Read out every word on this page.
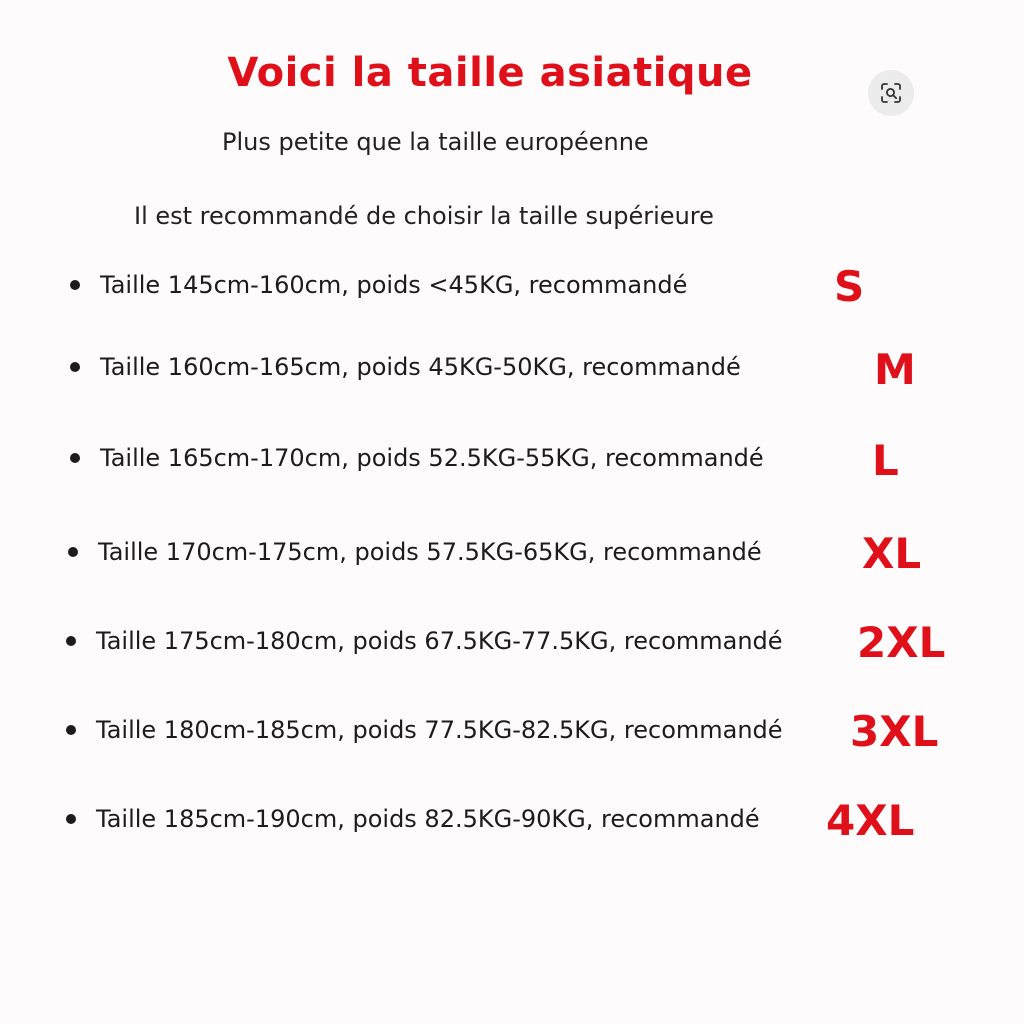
Voici la taille asiatique
Plus petite que la taille européenne
Il est recommandé de choisir la taille supérieure
Taille 145cm-160cm, poids <45KG, recommandé	S
Taille 160cm-165cm, poids 45KG-50KG, recommandé	M
Taille 165cm-170cm, poids 52.5KG-55KG, recommandé	L
Taille 170cm-175cm, poids 57.5KG-65KG, recommandé XL
Taille 175cm-180cm, poids 67.5KG-77.5KG, recommandé 2XL
Taille 180cm-185cm, poids 77.5KG-82.5KG, recommandé 3XL
Taille 185cm-190cm, poids 82.5KG-90KG, recommandé 4XL
